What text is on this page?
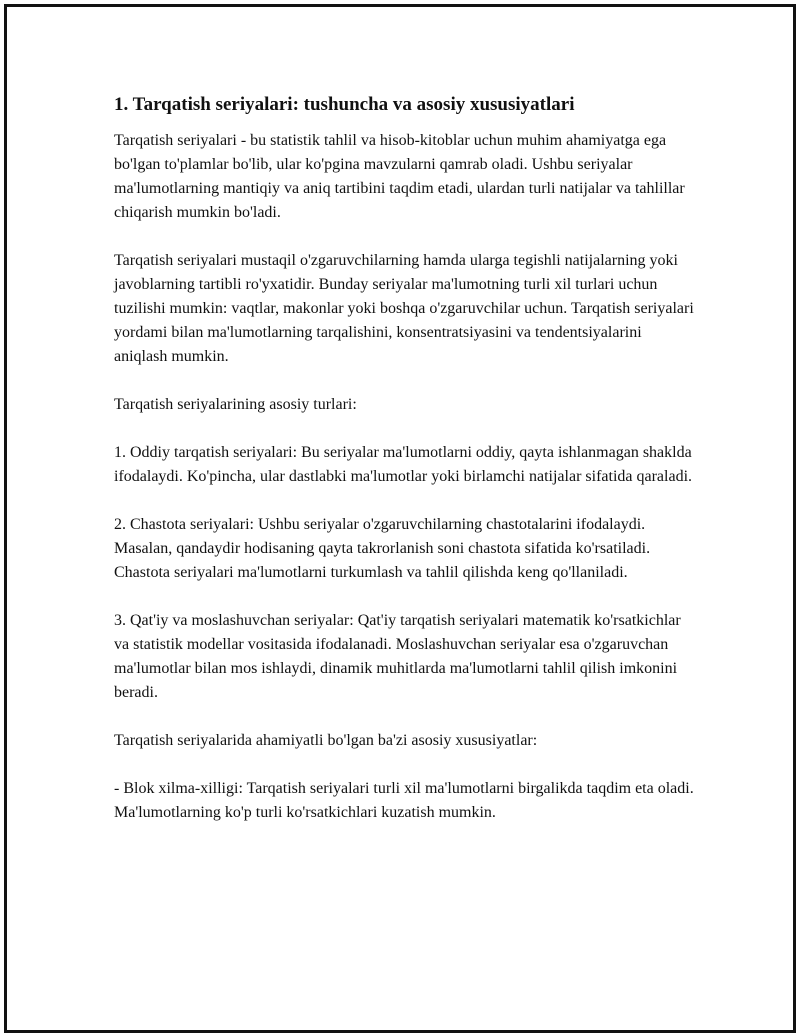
1. Tarqatish seriyalari: tushuncha va asosiy xususiyatlari

Tarqatish seriyalari - bu statistik tahlil va hisob-kitoblar uchun muhim ahamiyatga ega bo'lgan to'plamlar bo'lib, ular ko'pgina mavzularni qamrab oladi. Ushbu seriyalar ma'lumotlarning mantiqiy va aniq tartibini taqdim etadi, ulardan turli natijalar va tahlillar chiqarish mumkin bo'ladi.

Tarqatish seriyalari mustaqil o'zgaruvchilarning hamda ularga tegishli natijalarning yoki javoblarning tartibli ro'yxatidir. Bunday seriyalar ma'lumotning turli xil turlari uchun tuzilishi mumkin: vaqtlar, makonlar yoki boshqa o'zgaruvchilar uchun. Tarqatish seriyalari yordami bilan ma'lumotlarning tarqalishini, konsentratsiyasini va tendentsiyalarini aniqlash mumkin.

Tarqatish seriyalarining asosiy turlari:

1. Oddiy tarqatish seriyalari: Bu seriyalar ma'lumotlarni oddiy, qayta ishlanmagan shaklda ifodalaydi. Ko'pincha, ular dastlabki ma'lumotlar yoki birlamchi natijalar sifatida qaraladi.

2. Chastota seriyalari: Ushbu seriyalar o'zgaruvchilarning chastotalarini ifodalaydi. Masalan, qandaydir hodisaning qayta takrorlanish soni chastota sifatida ko'rsatiladi. Chastota seriyalari ma'lumotlarni turkumlash va tahlil qilishda keng qo'llaniladi.

3. Qat'iy va moslashuvchan seriyalar: Qat'iy tarqatish seriyalari matematik ko'rsatkichlar va statistik modellar vositasida ifodalanadi. Moslashuvchan seriyalar esa o'zgaruvchan ma'lumotlar bilan mos ishlaydi, dinamik muhitlarda ma'lumotlarni tahlil qilish imkonini beradi.

Tarqatish seriyalarida ahamiyatli bo'lgan ba'zi asosiy xususiyatlar:

- Blok xilma-xilligi: Tarqatish seriyalari turli xil ma'lumotlarni birgalikda taqdim eta oladi. Ma'lumotlarning ko'p turli ko'rsatkichlari kuzatish mumkin.
